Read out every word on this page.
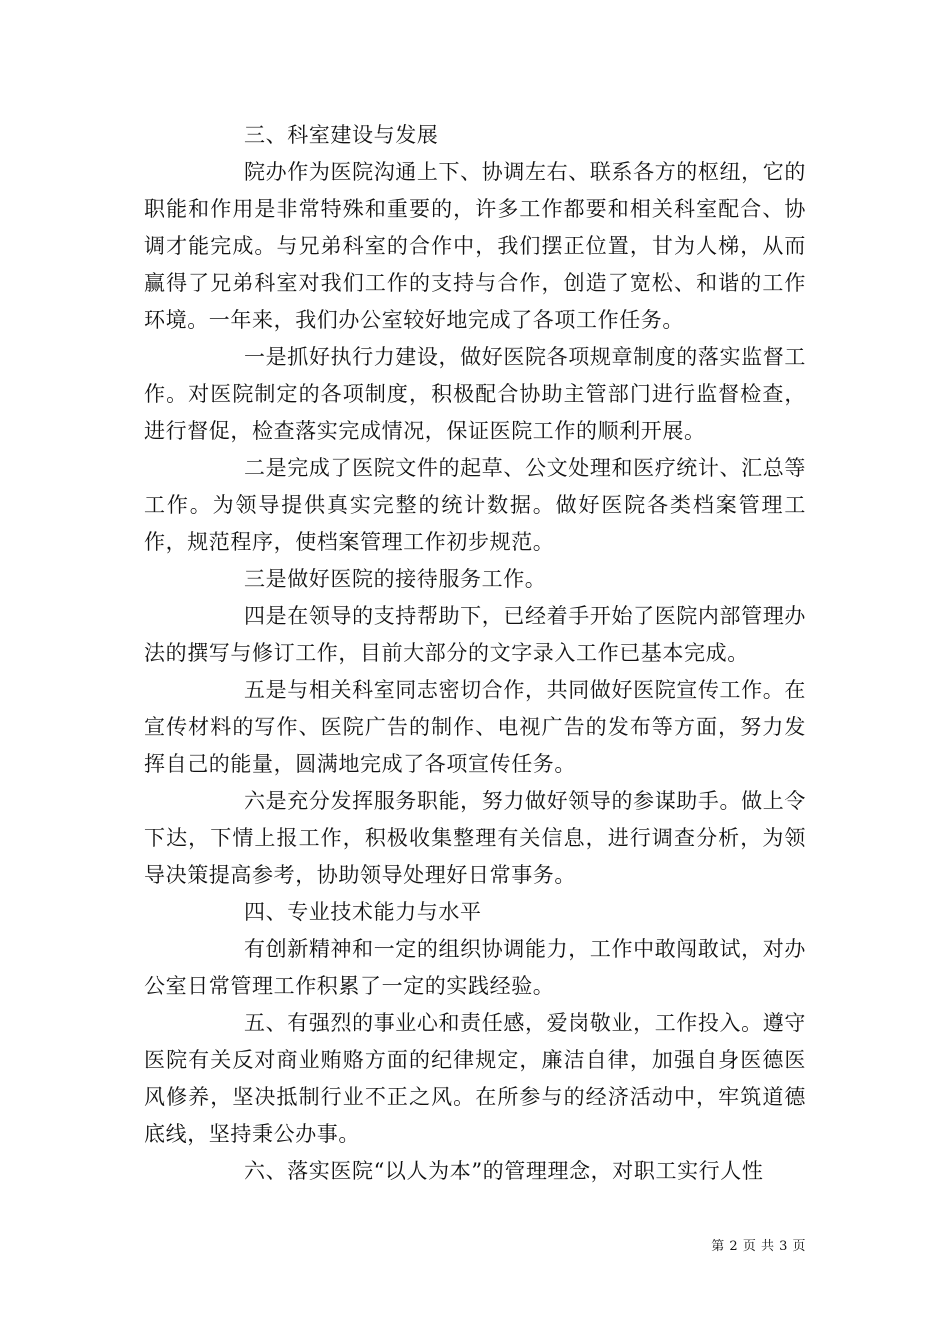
三、科室建设与发展

院办作为医院沟通上下、协调左右、联系各方的枢纽，它的职能和作用是非常特殊和重要的，许多工作都要和相关科室配合、协调才能完成。与兄弟科室的合作中，我们摆正位置，甘为人梯，从而赢得了兄弟科室对我们工作的支持与合作，创造了宽松、和谐的工作环境。一年来，我们办公室较好地完成了各项工作任务。

一是抓好执行力建设，做好医院各项规章制度的落实监督工作。对医院制定的各项制度，积极配合协助主管部门进行监督检查，进行督促，检查落实完成情况，保证医院工作的顺利开展。

二是完成了医院文件的起草、公文处理和医疗统计、汇总等工作。为领导提供真实完整的统计数据。做好医院各类档案管理工作，规范程序，使档案管理工作初步规范。

三是做好医院的接待服务工作。

四是在领导的支持帮助下，已经着手开始了医院内部管理办法的撰写与修订工作，目前大部分的文字录入工作已基本完成。

五是与相关科室同志密切合作，共同做好医院宣传工作。在宣传材料的写作、医院广告的制作、电视广告的发布等方面，努力发挥自己的能量，圆满地完成了各项宣传任务。

六是充分发挥服务职能，努力做好领导的参谋助手。做上令下达，下情上报工作，积极收集整理有关信息，进行调查分析，为领导决策提高参考，协助领导处理好日常事务。

四、专业技术能力与水平

有创新精神和一定的组织协调能力，工作中敢闯敢试，对办公室日常管理工作积累了一定的实践经验。

五、有强烈的事业心和责任感，爱岗敬业，工作投入。遵守医院有关反对商业贿赂方面的纪律规定，廉洁自律，加强自身医德医风修养，坚决抵制行业不正之风。在所参与的经济活动中，牢筑道德底线，坚持秉公办事。

六、落实医院“以人为本”的管理理念，对职工实行人性

第 2 页 共 3 页
